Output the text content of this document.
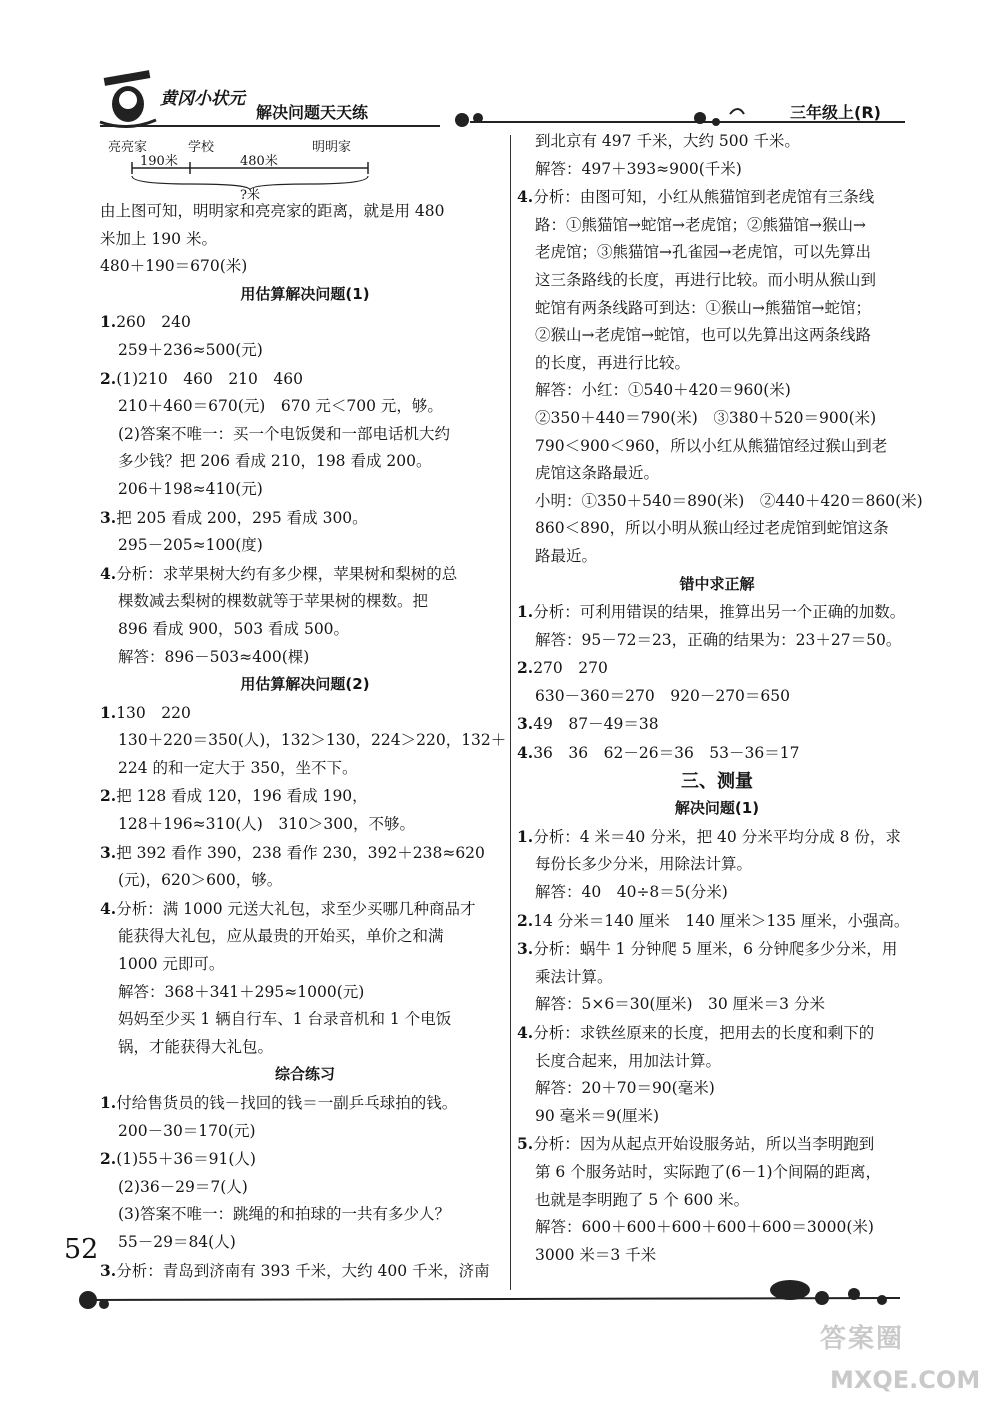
黄冈小状元
解决问题天天练	三年级上(R)
亮亮家	学校	明明家
190米	480米
?米
由上图可知，明明家和亮亮家的距离，就是用 480
米加上 190 米。
480＋190＝670(米)
用估算解决问题(1)
1.260　240
259＋236≈500(元)
2.(1)210　460　210　460
210＋460＝670(元)　670 元＜700 元，够。
(2)答案不唯一：买一个电饭煲和一部电话机大约
多少钱？把 206 看成 210，198 看成 200。
206＋198≈410(元)
3.把 205 看成 200，295 看成 300。
295－205≈100(度)
4.分析：求苹果树大约有多少棵，苹果树和梨树的总
棵数减去梨树的棵数就等于苹果树的棵数。把
896 看成 900，503 看成 500。
解答：896－503≈400(棵)
用估算解决问题(2)
1.130　220
130＋220＝350(人)，132＞130，224＞220，132＋
224 的和一定大于 350，坐不下。
2.把 128 看成 120，196 看成 190，
128＋196≈310(人)　310＞300，不够。
3.把 392 看作 390，238 看作 230，392＋238≈620
(元)，620＞600，够。
4.分析：满 1000 元送大礼包，求至少买哪几种商品才
能获得大礼包，应从最贵的开始买，单价之和满
1000 元即可。
解答：368＋341＋295≈1000(元)
妈妈至少买 1 辆自行车、1 台录音机和 1 个电饭
锅，才能获得大礼包。
综合练习
1.付给售货员的钱－找回的钱＝一副乒乓球拍的钱。
200－30＝170(元)
2.(1)55＋36＝91(人)
(2)36－29＝7(人)
(3)答案不唯一：跳绳的和拍球的一共有多少人？
55－29＝84(人)
3.分析：青岛到济南有 393 千米，大约 400 千米，济南
到北京有 497 千米，大约 500 千米。
解答：497＋393≈900(千米)
4.分析：由图可知，小红从熊猫馆到老虎馆有三条线
路：①熊猫馆→蛇馆→老虎馆；②熊猫馆→猴山→
老虎馆；③熊猫馆→孔雀园→老虎馆，可以先算出
这三条路线的长度，再进行比较。而小明从猴山到
蛇馆有两条线路可到达：①猴山→熊猫馆→蛇馆；
②猴山→老虎馆→蛇馆，也可以先算出这两条线路
的长度，再进行比较。
解答：小红：①540＋420＝960(米)
②350＋440＝790(米)　③380＋520＝900(米)
790＜900＜960，所以小红从熊猫馆经过猴山到老
虎馆这条路最近。
小明：①350＋540＝890(米)　②440＋420＝860(米)
860＜890，所以小明从猴山经过老虎馆到蛇馆这条
路最近。
错中求正解
1.分析：可利用错误的结果，推算出另一个正确的加数。
解答：95－72＝23，正确的结果为：23＋27＝50。
2.270　270
630－360＝270　920－270＝650
3.49　87－49＝38
4.36　36　62－26＝36　53－36＝17
三、测量
解决问题(1)
1.分析：4 米＝40 分米，把 40 分米平均分成 8 份，求
每份长多少分米，用除法计算。
解答：40　40÷8＝5(分米)
2.14 分米＝140 厘米　140 厘米＞135 厘米，小强高。
3.分析：蜗牛 1 分钟爬 5 厘米，6 分钟爬多少分米，用
乘法计算。
解答：5×6＝30(厘米)　30 厘米＝3 分米
4.分析：求铁丝原来的长度，把用去的长度和剩下的
长度合起来，用加法计算。
解答：20＋70＝90(毫米)
90 毫米＝9(厘米)
5.分析：因为从起点开始设服务站，所以当李明跑到
第 6 个服务站时，实际跑了(6－1)个间隔的距离，
也就是李明跑了 5 个 600 米。
解答：600＋600＋600＋600＋600＝3000(米)
3000 米＝3 千米
52
答案圈
MXQE.COM
